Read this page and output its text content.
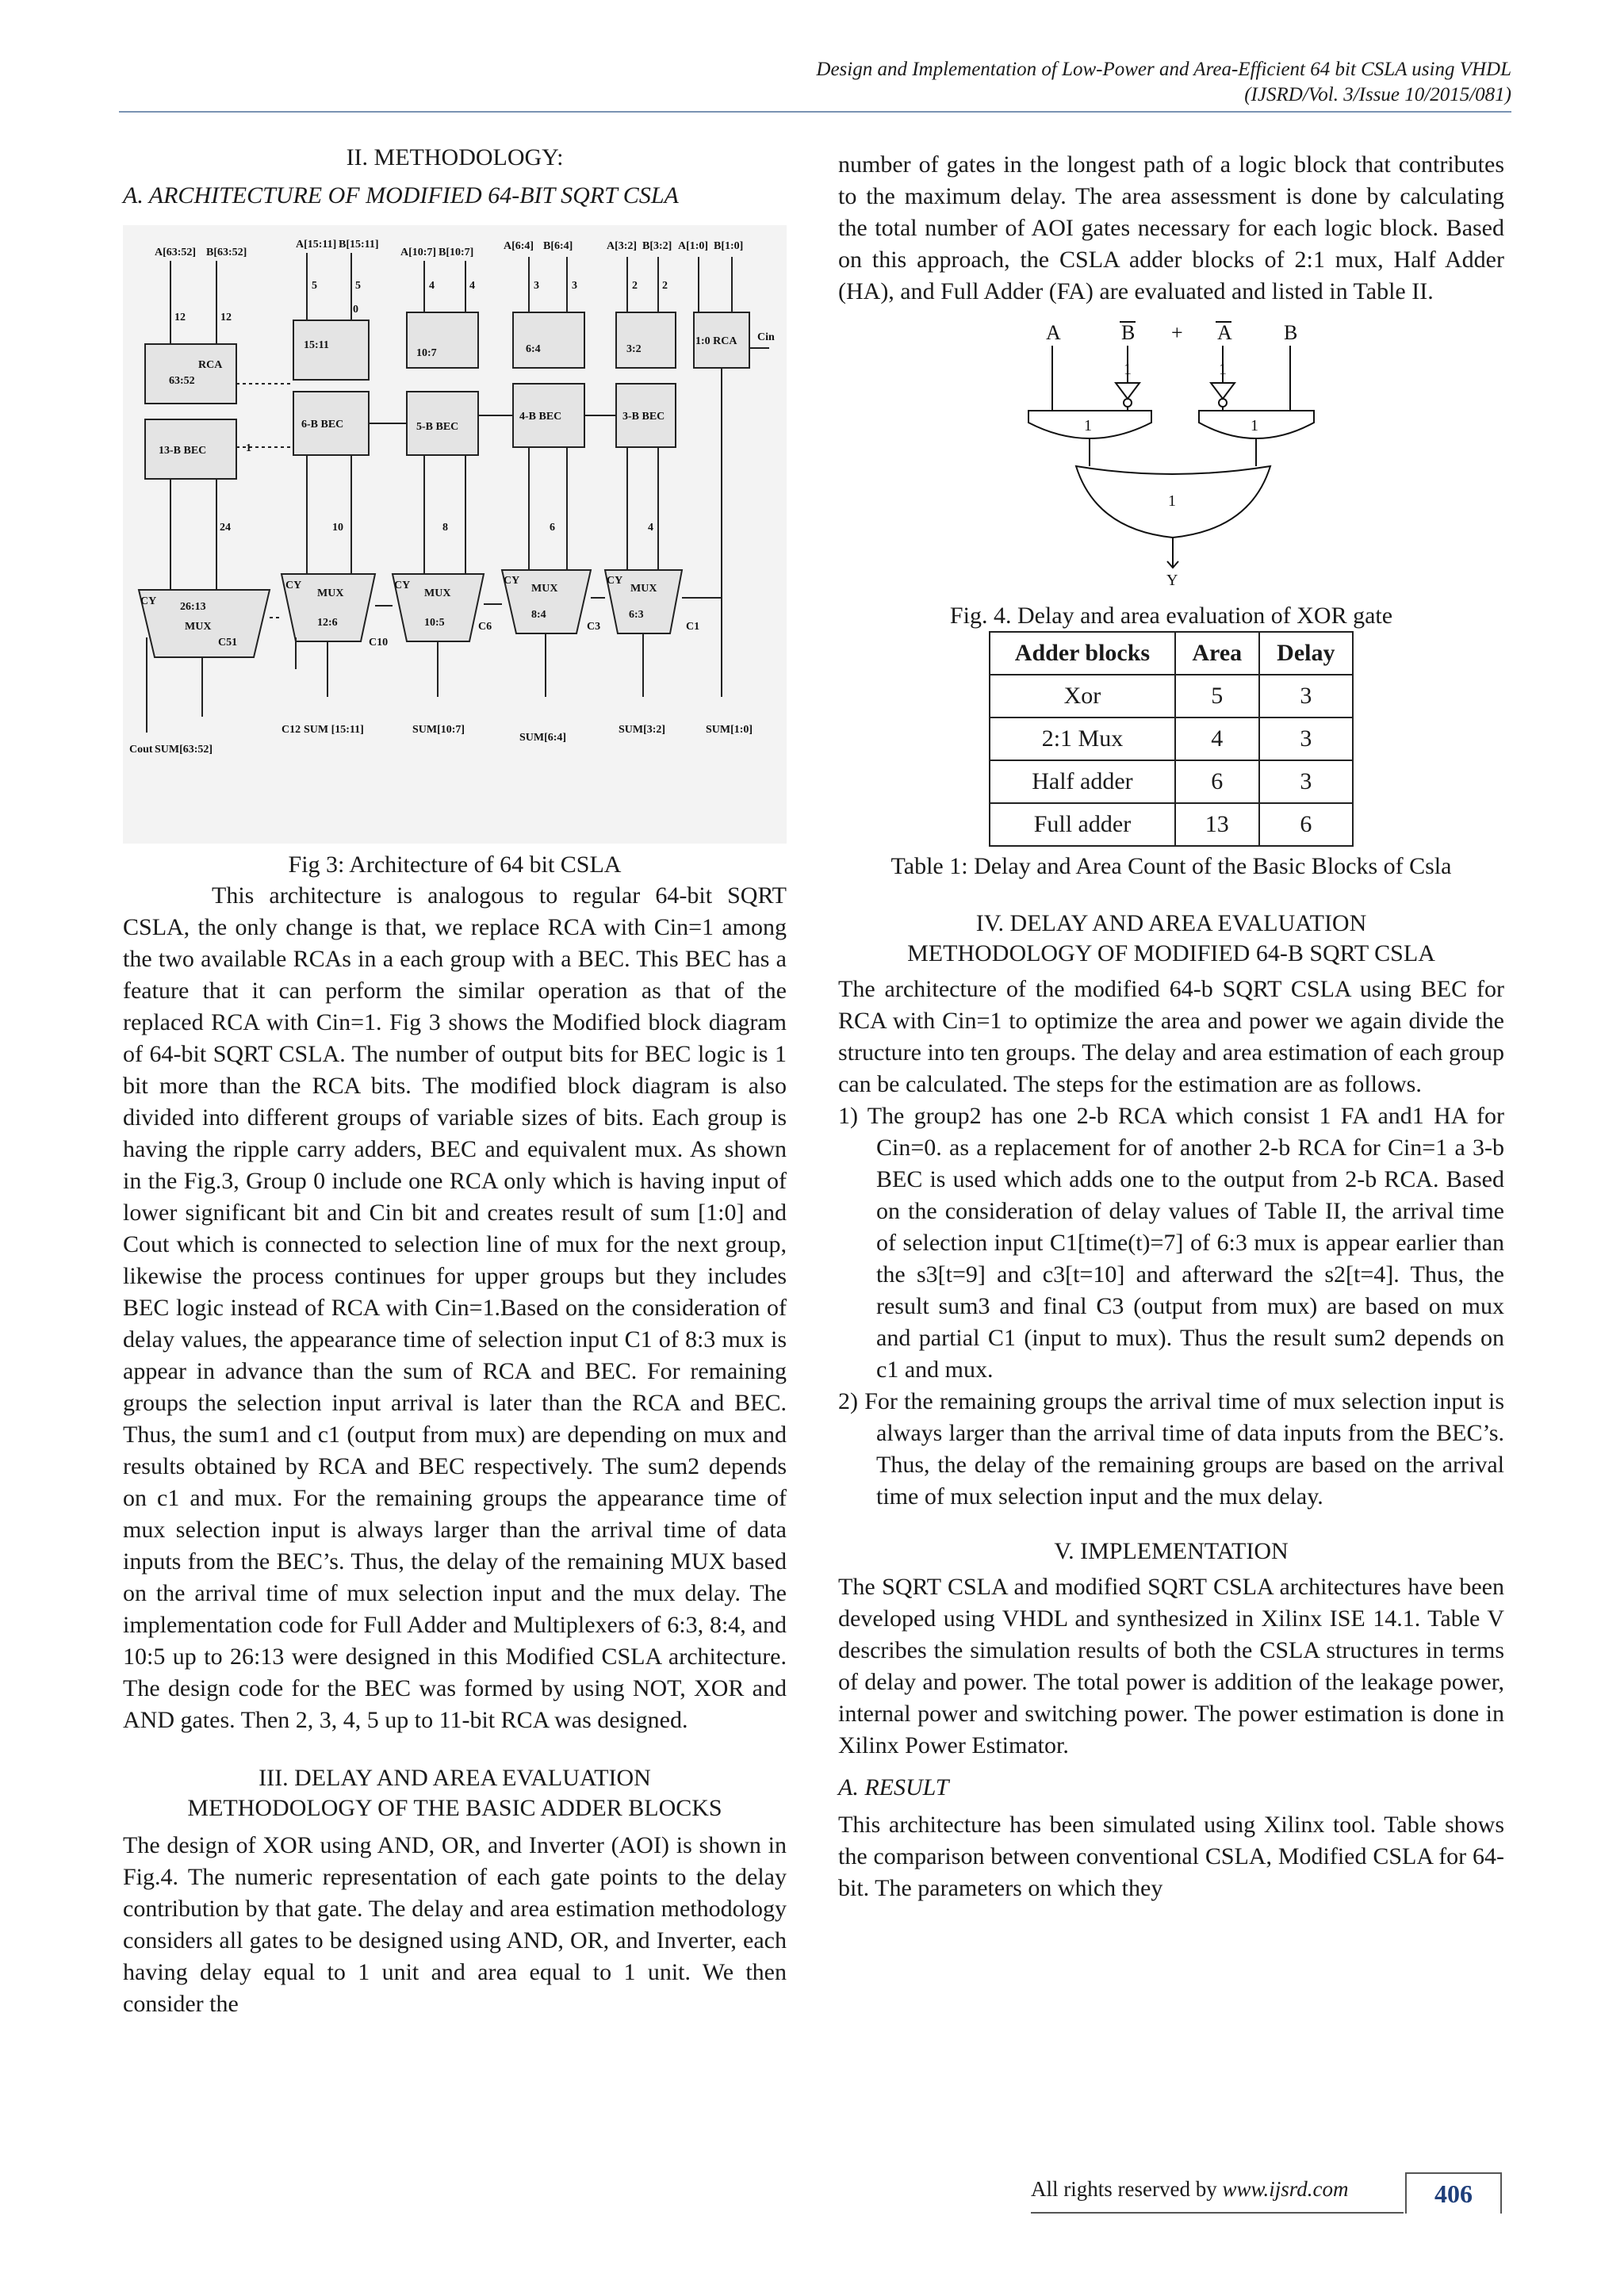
Design and Implementation of Low-Power and Area-Efficient 64 bit CSLA using VHDL
(IJSRD/Vol. 3/Issue 10/2015/081)
II. METHODOLOGY:
A. ARCHITECTURE OF MODIFIED 64-BIT SQRT CSLA
A[63:52] B[63:52]
A[15:11] B[15:11]
A[10:7] B[10:7]
A[6:4] B[6:4]	A[3:2] B[3:2] A[1:0] B[1:0]
RCA
63:52
15:11
10:7	6:4	3:2
1:0 RCA
13-B BEC
6-B BEC	5-B BEC
4-B BEC	3-B BEC
26:13
12:6	10:5
8:4	6:3
MUX
MUX	MUX	MUX	MUX
CY
CY	CY	CY	CY
Cin
Cout
C51
C12
C10
C6	C3	C1
SUM[63:52]
SUM [15:11]	SUM[10:7]
SUM[6:4]
SUM[3:2]	SUM[1:0]
12	12
5	5	4	4	3	3	2 2
24	10	8	6	4
1
0
Fig 3: Architecture of 64 bit CSLA

This architecture is analogous to regular 64-bit SQRT CSLA, the only change is that, we replace RCA with Cin=1 among the two available RCAs in a each group with a BEC. This BEC has a feature that it can perform the similar operation as that of the replaced RCA with Cin=1. Fig 3 shows the Modified block diagram of 64-bit SQRT CSLA. The number of output bits for BEC logic is 1 bit more than the RCA bits. The modified block diagram is also divided into different groups of variable sizes of bits. Each group is having the ripple carry adders, BEC and equivalent mux. As shown in the Fig.3, Group 0 include one RCA only which is having input of lower significant bit and Cin bit and creates result of sum [1:0] and Cout which is connected to selection line of mux for the next group, likewise the process continues for upper groups but they includes BEC logic instead of RCA with Cin=1.Based on the consideration of delay values, the appearance time of selection input C1 of 8:3 mux is appear in advance than the sum of RCA and BEC. For remaining groups the selection input arrival is later than the RCA and BEC. Thus, the sum1 and c1 (output from mux) are depending on mux and results obtained by RCA and BEC respectively. The sum2 depends on c1 and mux. For the remaining groups the appearance time of mux selection input is always larger than the arrival time of data inputs from the BEC’s. Thus, the delay of the remaining MUX based on the arrival time of mux selection input and the mux delay. The implementation code for Full Adder and Multiplexers of 6:3, 8:4, and 10:5 up to 26:13 were designed in this Modified CSLA architecture. The design code for the BEC was formed by using NOT, XOR and AND gates. Then 2, 3, 4, 5 up to 11-bit RCA was designed.

III. DELAY AND AREA EVALUATION
METHODOLOGY OF THE BASIC ADDER BLOCKS

The design of XOR using AND, OR, and Inverter (AOI) is shown in Fig.4. The numeric representation of each gate points to the delay contribution by that gate. The delay and area estimation methodology considers all gates to be designed using AND, OR, and Inverter, each having delay equal to 1 unit and area equal to 1 unit. We then consider the

number of gates in the longest path of a logic block that contributes to the maximum delay. The area assessment is done by calculating the total number of AOI gates necessary for each logic block. Based on this approach, the CSLA adder blocks of 2:1 mux, Half Adder (HA), and Full Adder (FA) are evaluated and listed in Table II.

A	B + A	B
1	1
1	1
1
Y
Fig. 4. Delay and area evaluation of XOR gate
Adder blocks	Area	Delay
Xor	5	3
2:1 Mux	4	3
Half adder	6	3
Full adder	13	6
Table 1: Delay and Area Count of the Basic Blocks of Csla
IV. DELAY AND AREA EVALUATION
METHODOLOGY OF MODIFIED 64-B SQRT CSLA

The architecture of the modified 64-b SQRT CSLA using BEC for RCA with Cin=1 to optimize the area and power we again divide the structure into ten groups. The delay and area estimation of each group can be calculated. The steps for the estimation are as follows.

1) The group2 has one 2-b RCA which consist 1 FA and1 HA for Cin=0. as a replacement for of another 2-b RCA for Cin=1 a 3-b BEC is used which adds one to the output from 2-b RCA. Based on the consideration of delay values of Table II, the arrival time of selection input C1[time(t)=7] of 6:3 mux is appear earlier than the s3[t=9] and c3[t=10] and afterward the s2[t=4]. Thus, the result sum3 and final C3 (output from mux) are based on mux and partial C1 (input to mux). Thus the result sum2 depends on c1 and mux.
2) For the remaining groups the arrival time of mux selection input is always larger than the arrival time of data inputs from the BEC’s. Thus, the delay of the remaining groups are based on the arrival time of mux selection input and the mux delay.
V. IMPLEMENTATION

The SQRT CSLA and modified SQRT CSLA architectures have been developed using VHDL and synthesized in Xilinx ISE 14.1. Table V describes the simulation results of both the CSLA structures in terms of delay and power. The total power is addition of the leakage power, internal power and switching power. The power estimation is done in Xilinx Power Estimator.

A. RESULT

This architecture has been simulated using Xilinx tool. Table shows the comparison between conventional CSLA, Modified CSLA for 64-bit. The parameters on which they

All rights reserved by www.ijsrd.com	406
